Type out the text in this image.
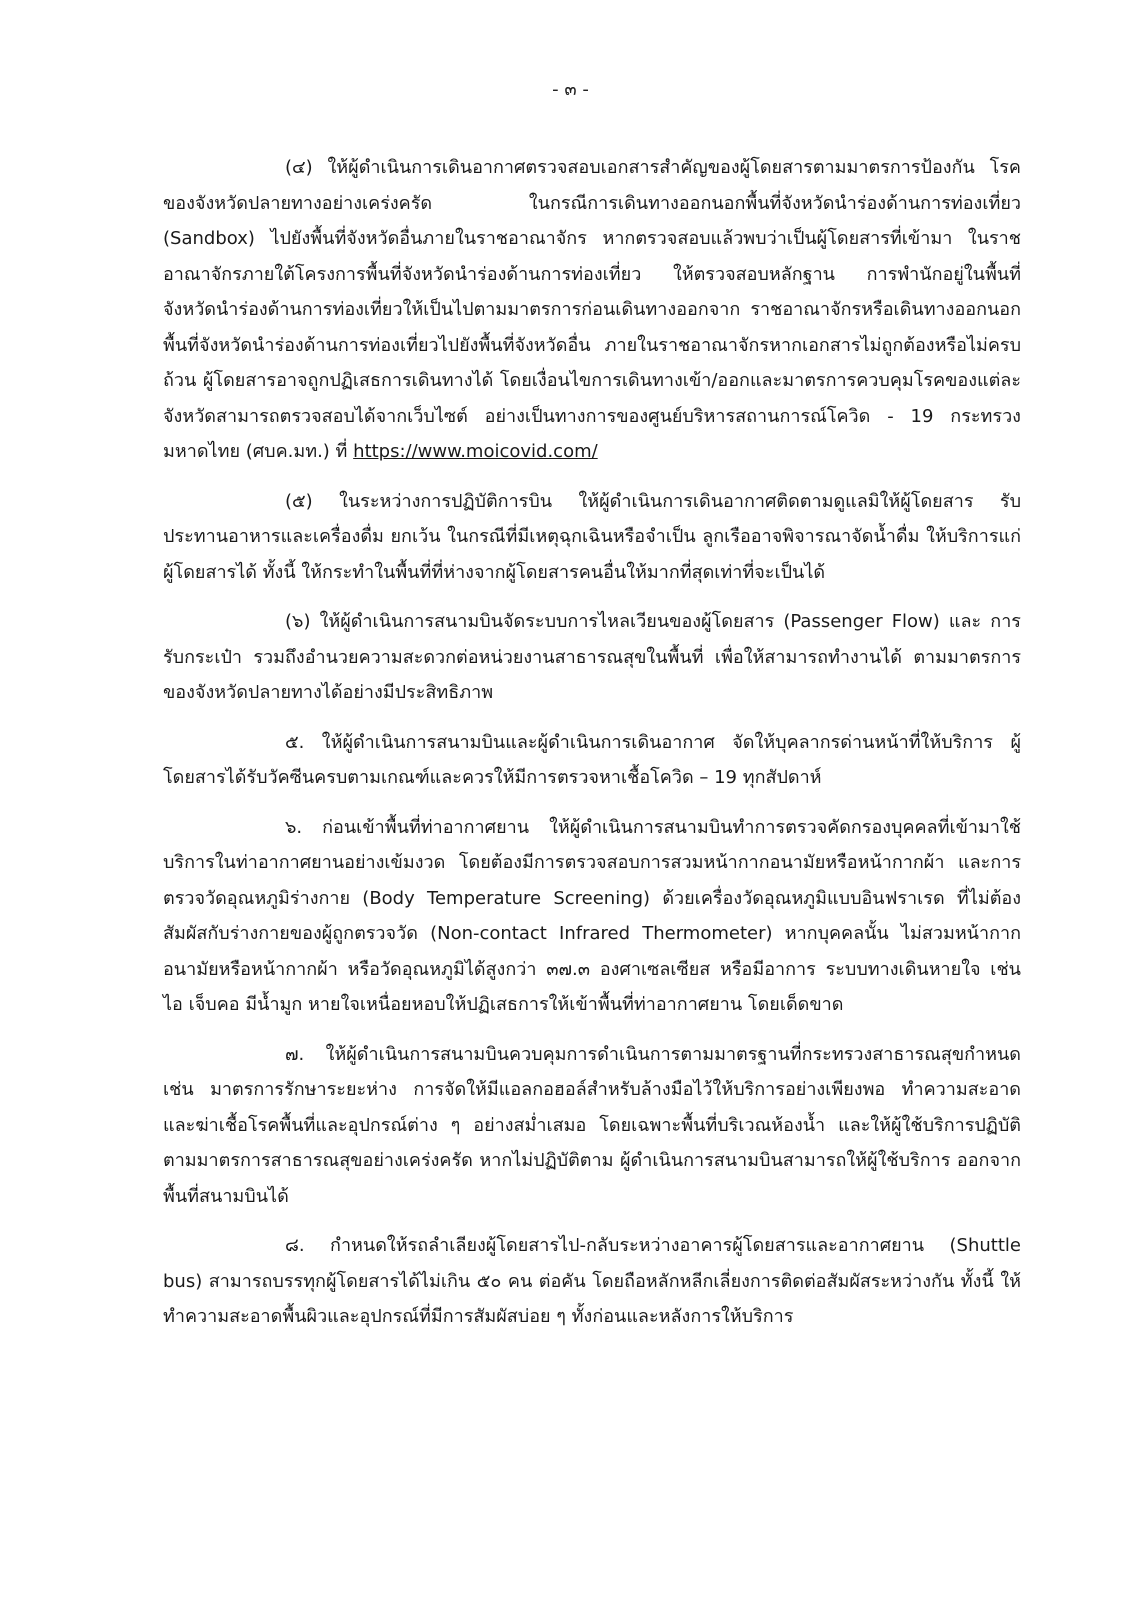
- ๓ -

(๔) ให้ผู้ดำเนินการเดินอากาศตรวจสอบเอกสารสำคัญของผู้โดยสารตามมาตรการป้องกัน โรคของจังหวัดปลายทางอย่างเคร่งครัด ในกรณีการเดินทางออกนอกพื้นที่จังหวัดนำร่องด้านการท่องเที่ยว (Sandbox) ไปยังพื้นที่จังหวัดอื่นภายในราชอาณาจักร หากตรวจสอบแล้วพบว่าเป็นผู้โดยสารที่เข้ามา ในราชอาณาจักรภายใต้โครงการพื้นที่จังหวัดนำร่องด้านการท่องเที่ยว ให้ตรวจสอบหลักฐาน การพำนักอยู่ในพื้นที่จังหวัดนำร่องด้านการท่องเที่ยวให้เป็นไปตามมาตรการก่อนเดินทางออกจาก ราชอาณาจักรหรือเดินทางออกนอกพื้นที่จังหวัดนำร่องด้านการท่องเที่ยวไปยังพื้นที่จังหวัดอื่น ภายในราชอาณาจักรหากเอกสารไม่ถูกต้องหรือไม่ครบถ้วน ผู้โดยสารอาจถูกปฏิเสธการเดินทางได้ โดยเงื่อนไขการเดินทางเข้า/ออกและมาตรการควบคุมโรคของแต่ละจังหวัดสามารถตรวจสอบได้จากเว็บไซต์ อย่างเป็นทางการของศูนย์บริหารสถานการณ์โควิด - 19 กระทรวงมหาดไทย (ศบค.มท.) ที่ https://www.moicovid.com/

(๕) ในระหว่างการปฏิบัติการบิน ให้ผู้ดำเนินการเดินอากาศติดตามดูแลมิให้ผู้โดยสาร รับประทานอาหารและเครื่องดื่ม ยกเว้น ในกรณีที่มีเหตุฉุกเฉินหรือจำเป็น ลูกเรืออาจพิจารณาจัดน้ำดื่ม ให้บริการแก่ผู้โดยสารได้ ทั้งนี้ ให้กระทำในพื้นที่ที่ห่างจากผู้โดยสารคนอื่นให้มากที่สุดเท่าที่จะเป็นได้

(๖) ให้ผู้ดำเนินการสนามบินจัดระบบการไหลเวียนของผู้โดยสาร (Passenger Flow) และ การรับกระเป๋า รวมถึงอำนวยความสะดวกต่อหน่วยงานสาธารณสุขในพื้นที่ เพื่อให้สามารถทำงานได้ ตามมาตรการของจังหวัดปลายทางได้อย่างมีประสิทธิภาพ

๕. ให้ผู้ดำเนินการสนามบินและผู้ดำเนินการเดินอากาศ จัดให้บุคลากรด่านหน้าที่ให้บริการ ผู้โดยสารได้รับวัคซีนครบตามเกณฑ์และควรให้มีการตรวจหาเชื้อโควิด – 19 ทุกสัปดาห์

๖. ก่อนเข้าพื้นที่ท่าอากาศยาน ให้ผู้ดำเนินการสนามบินทำการตรวจคัดกรองบุคคลที่เข้ามาใช้ บริการในท่าอากาศยานอย่างเข้มงวด โดยต้องมีการตรวจสอบการสวมหน้ากากอนามัยหรือหน้ากากผ้า และการตรวจวัดอุณหภูมิร่างกาย (Body Temperature Screening) ด้วยเครื่องวัดอุณหภูมิแบบอินฟราเรด ที่ไม่ต้องสัมผัสกับร่างกายของผู้ถูกตรวจวัด (Non-contact Infrared Thermometer) หากบุคคลนั้น ไม่สวมหน้ากากอนามัยหรือหน้ากากผ้า หรือวัดอุณหภูมิได้สูงกว่า ๓๗.๓ องศาเซลเซียส หรือมีอาการ ระบบทางเดินหายใจ เช่น ไอ เจ็บคอ มีน้ำมูก หายใจเหนื่อยหอบให้ปฏิเสธการให้เข้าพื้นที่ท่าอากาศยาน โดยเด็ดขาด

๗. ให้ผู้ดำเนินการสนามบินควบคุมการดำเนินการตามมาตรฐานที่กระทรวงสาธารณสุขกำหนด เช่น มาตรการรักษาระยะห่าง การจัดให้มีแอลกอฮอล์สำหรับล้างมือไว้ให้บริการอย่างเพียงพอ ทำความสะอาด และฆ่าเชื้อโรคพื้นที่และอุปกรณ์ต่าง ๆ อย่างสม่ำเสมอ โดยเฉพาะพื้นที่บริเวณห้องน้ำ และให้ผู้ใช้บริการปฏิบัติ ตามมาตรการสาธารณสุขอย่างเคร่งครัด หากไม่ปฏิบัติตาม ผู้ดำเนินการสนามบินสามารถให้ผู้ใช้บริการ ออกจากพื้นที่สนามบินได้

๘. กำหนดให้รถลำเลียงผู้โดยสารไป-กลับระหว่างอาคารผู้โดยสารและอากาศยาน (Shuttle bus) สามารถบรรทุกผู้โดยสารได้ไม่เกิน ๕๐ คน ต่อคัน โดยถือหลักหลีกเลี่ยงการติดต่อสัมผัสระหว่างกัน ทั้งนี้ ให้ทำความสะอาดพื้นผิวและอุปกรณ์ที่มีการสัมผัสบ่อย ๆ ทั้งก่อนและหลังการให้บริการ
